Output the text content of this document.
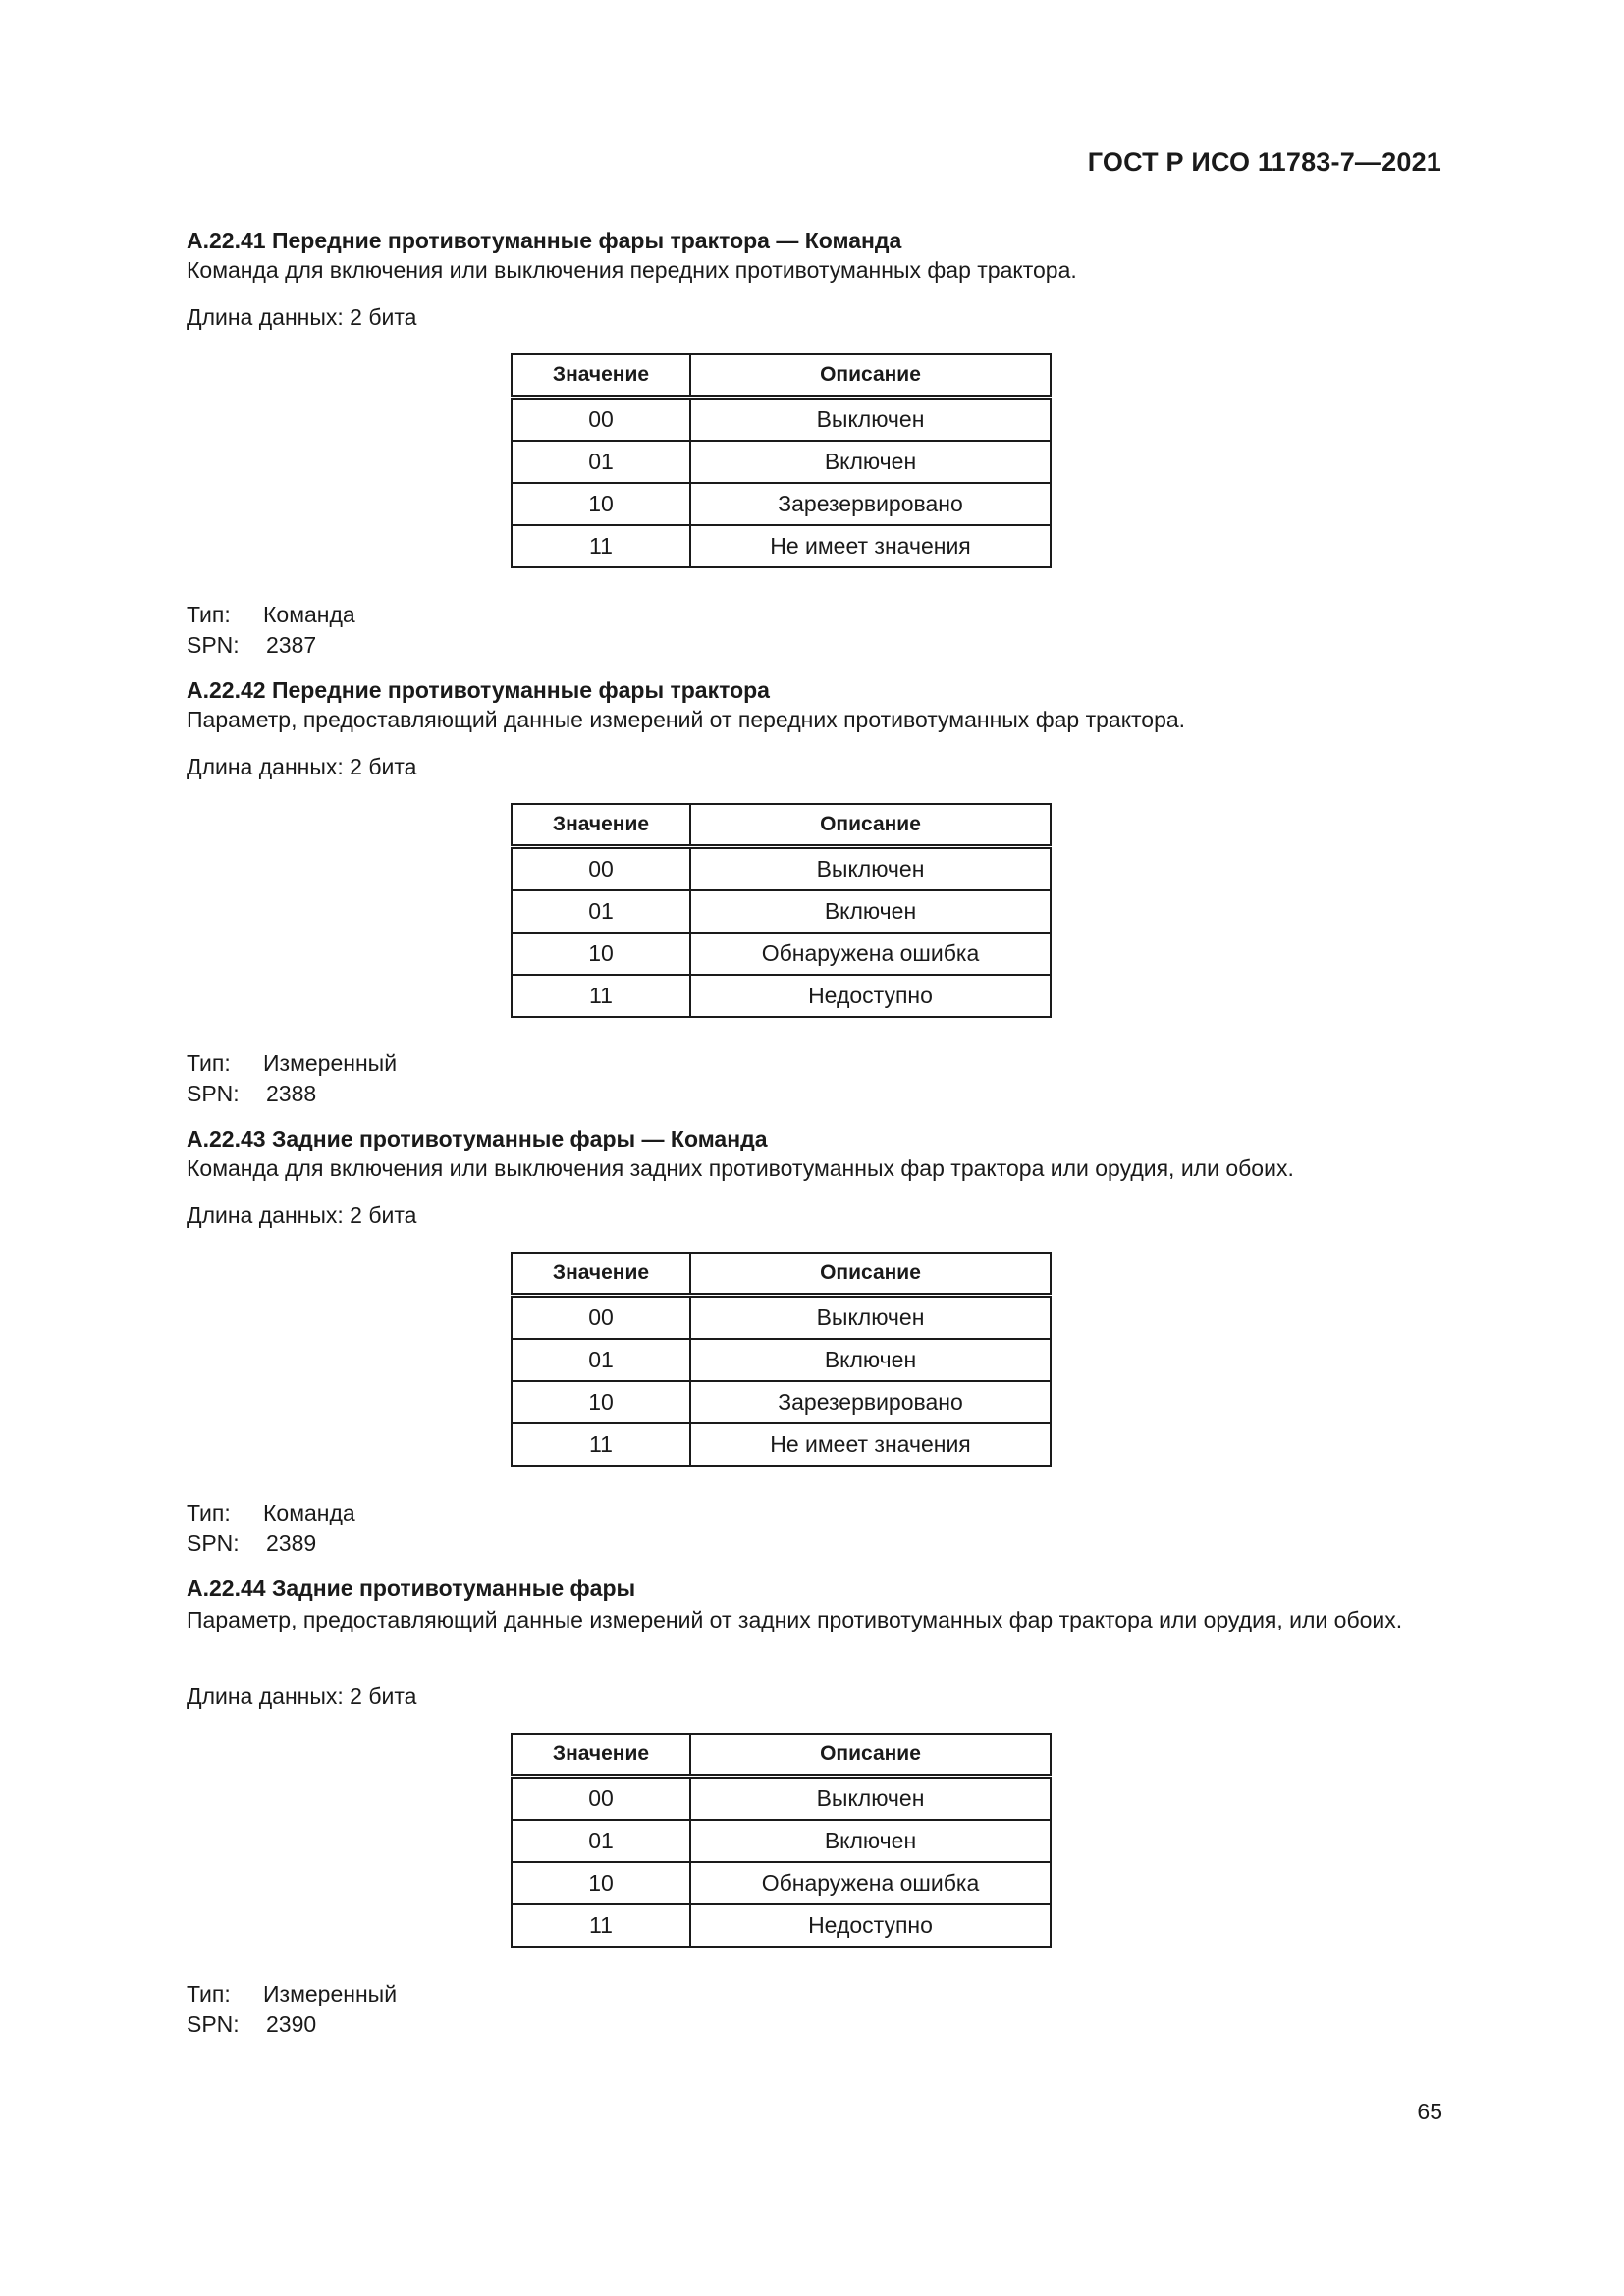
ГОСТ Р ИСО 11783-7—2021
А.22.41 Передние противотуманные фары трактора — Команда
Команда для включения или выключения передних противотуманных фар трактора.
Длина данных: 2 бита
Значение	Описание
00	Выключен
01	Включен
10	Зарезервировано
11	Не имеет значения
Тип: Команда
SPN: 2387
А.22.42 Передние противотуманные фары трактора
Параметр, предоставляющий данные измерений от передних противотуманных фар трактора.
Длина данных: 2 бита
Значение	Описание
00	Выключен
01	Включен
10	Обнаружена ошибка
11	Недоступно
Тип: Измеренный
SPN: 2388
А.22.43 Задние противотуманные фары — Команда
Команда для включения или выключения задних противотуманных фар трактора или орудия, или обоих.
Длина данных: 2 бита
Значение	Описание
00	Выключен
01	Включен
10	Зарезервировано
11	Не имеет значения
Тип: Команда
SPN: 2389
А.22.44 Задние противотуманные фары
Параметр, предоставляющий данные измерений от задних противотуманных фар трактора или орудия, или обоих.
Длина данных: 2 бита
Значение	Описание
00	Выключен
01	Включен
10	Обнаружена ошибка
11	Недоступно
Тип: Измеренный
SPN: 2390
65
